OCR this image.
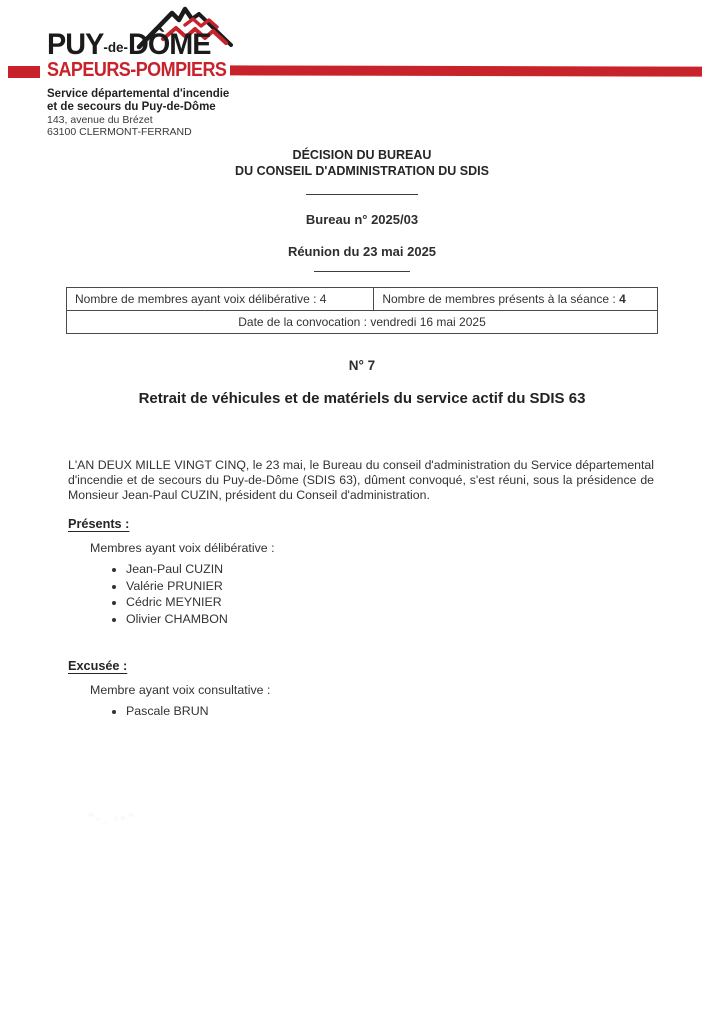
PUY-de-DÔME
SAPEURS-POMPIERS
Service départemental d'incendie
et de secours du Puy-de-Dôme
143, avenue du Brézet
63100 CLERMONT-FERRAND
DÉCISION DU BUREAU
DU CONSEIL D'ADMINISTRATION DU SDIS
Bureau n° 2025/03
Réunion du 23 mai 2025
Nombre de membres ayant voix délibérative : 4	Nombre de membres présents à la séance : 4
Date de la convocation : vendredi 16 mai 2025
N° 7
Retrait de véhicules et de matériels du service actif du SDIS 63

L'AN DEUX MILLE VINGT CINQ, le 23 mai, le Bureau du conseil d'administration du Service départemental d'incendie et de secours du Puy-de-Dôme (SDIS 63), dûment convoqué, s'est réuni, sous la présidence de Monsieur Jean-Paul CUZIN, président du Conseil d'administration.

Présents :
Membres ayant voix délibérative :
• Jean-Paul CUZIN
• Valérie PRUNIER
• Cédric MEYNIER
• Olivier CHAMBON
Excusée :
Membre ayant voix consultative :
• Pascale BRUN
‾ᵕ. ᴸᵛ‾
